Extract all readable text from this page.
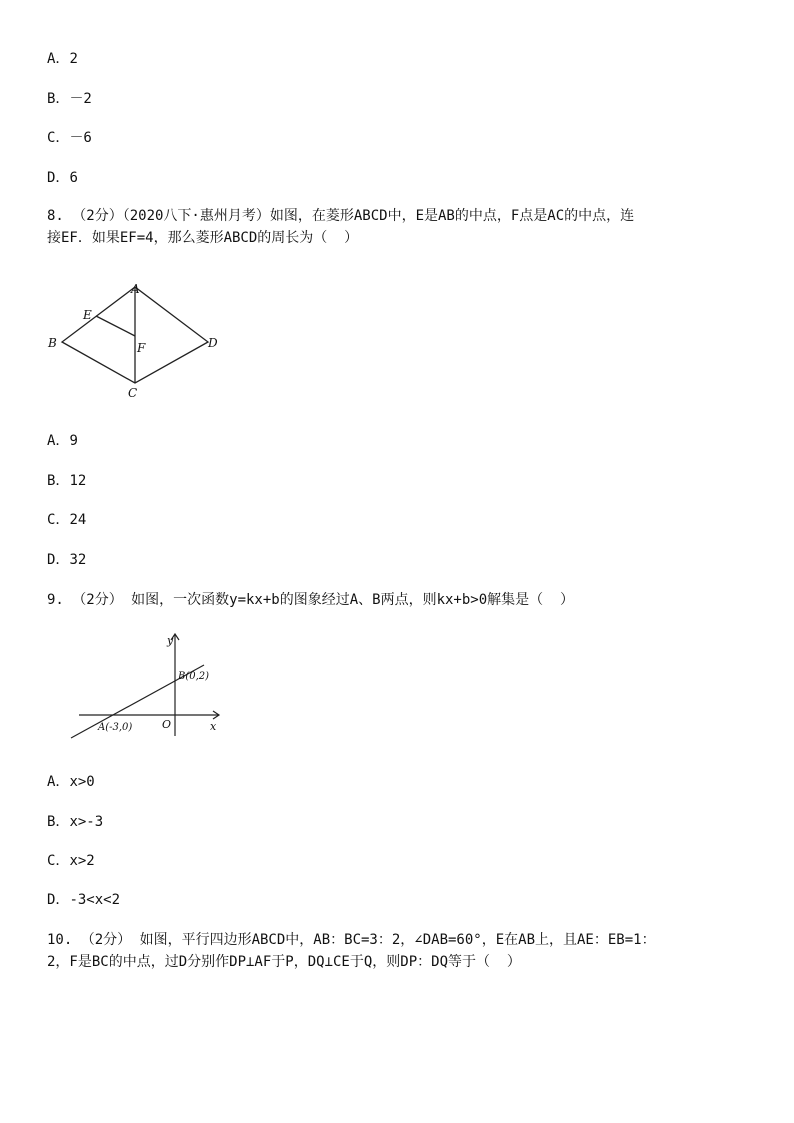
A．2
B．－2
C．－6
D．6
8. （2分）（2020八下·惠州月考）如图，在菱形ABCD中，E是AB的中点，F点是AC的中点，连
接EF．如果EF=4，那么菱形ABCD的周长为（  ）
A
B
C
D
E
F
A．9
B．12
C．24
D．32
9. （2分） 如图，一次函数y=kx+b的图象经过A、B两点，则kx+b>0解集是（  ）
y
x
O
A(-3,0)
B(0,2)
A．x>0
B．x>-3
C．x>2
D．-3<x<2
10. （2分） 如图，平行四边形ABCD中，AB：BC=3：2，∠DAB=60°，E在AB上，且AE：EB=1：
2，F是BC的中点，过D分别作DP⊥AF于P，DQ⊥CE于Q，则DP：DQ等于（  ）
